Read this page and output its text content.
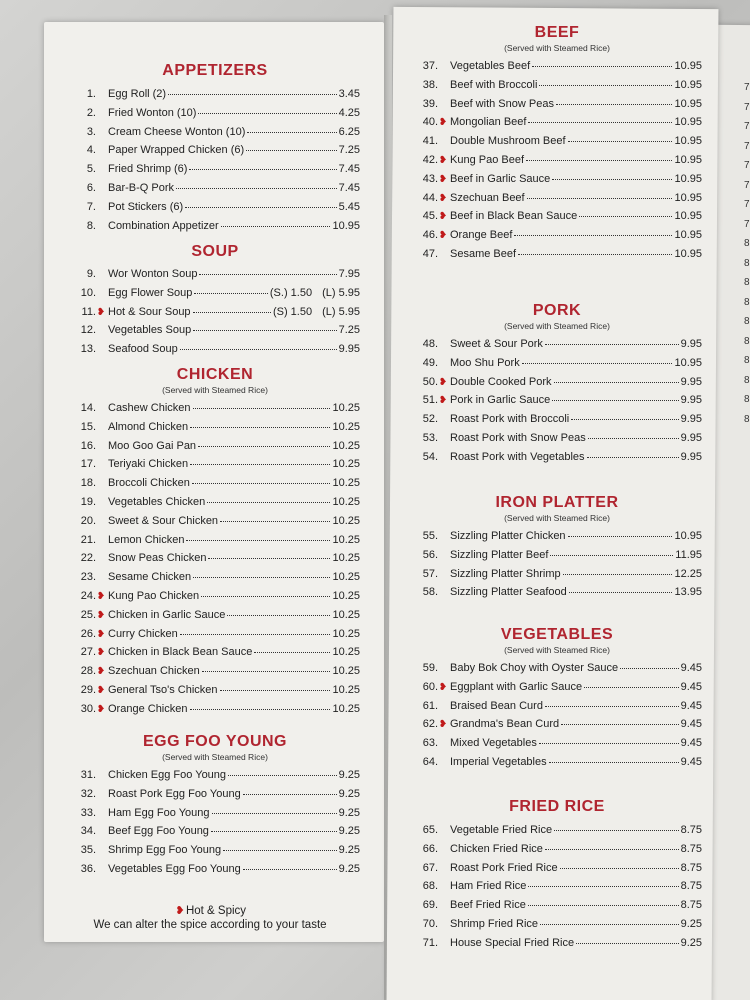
APPETIZERS
1. Egg Roll (2)	3.45
2. Fried Wonton (10)	4.25
3. Cream Cheese Wonton (10)	6.25
4. Paper Wrapped Chicken (6)	7.25
5. Fried Shrimp (6)	7.45
6. Bar-B-Q Pork	7.45
7. Pot Stickers (6)	5.45
8. Combination Appetizer	10.95
SOUP
9. Wor Wonton Soup	7.95
10. Egg Flower Soup	(S.) 1.50 (L) 5.95
11. ❥ Hot & Sour Soup	(S) 1.50 (L) 5.95
12. Vegetables Soup	7.25
13. Seafood Soup	9.95
CHICKEN
(Served with Steamed Rice)
14. Cashew Chicken	10.25
15. Almond Chicken	10.25
16. Moo Goo Gai Pan	10.25
17. Teriyaki Chicken	10.25
18. Broccoli Chicken	10.25
19. Vegetables Chicken	10.25
20. Sweet & Sour Chicken	10.25
21. Lemon Chicken	10.25
22. Snow Peas Chicken	10.25
23. Sesame Chicken	10.25
24. ❥ Kung Pao Chicken	10.25
25. ❥ Chicken in Garlic Sauce	10.25
26. ❥ Curry Chicken	10.25
27. ❥ Chicken in Black Bean Sauce	10.25
28. ❥ Szechuan Chicken	10.25
29. ❥ General Tso's Chicken	10.25
30. ❥ Orange Chicken	10.25
EGG FOO YOUNG
(Served with Steamed Rice)
31. Chicken Egg Foo Young	9.25
32. Roast Pork Egg Foo Young	9.25
33. Ham Egg Foo Young	9.25
34. Beef Egg Foo Young	9.25
35. Shrimp Egg Foo Young	9.25
36. Vegetables Egg Foo Young	9.25
❥Hot & Spicy
We can alter the spice according to your taste
BEEF
(Served with Steamed Rice)
37. Vegetables Beef	10.95
38. Beef with Broccoli	10.95
39. Beef with Snow Peas	10.95
40. ❥ Mongolian Beef	10.95
41. Double Mushroom Beef	10.95
42. ❥ Kung Pao Beef	10.95
43. ❥ Beef in Garlic Sauce	10.95
44. ❥ Szechuan Beef	10.95
45. ❥ Beef in Black Bean Sauce	10.95
46. ❥ Orange Beef	10.95
47. Sesame Beef	10.95
PORK
(Served with Steamed Rice)
48. Sweet & Sour Pork	9.95
49. Moo Shu Pork	10.95
50. ❥ Double Cooked Pork	9.95
51. ❥ Pork in Garlic Sauce	9.95
52. Roast Pork with Broccoli	9.95
53. Roast Pork with Snow Peas	9.95
54. Roast Pork with Vegetables	9.95
IRON PLATTER
(Served with Steamed Rice)
55. Sizzling Platter Chicken	10.95
56. Sizzling Platter Beef	11.95
57. Sizzling Platter Shrimp	12.25
58. Sizzling Platter Seafood	13.95
VEGETABLES
(Served with Steamed Rice)
59. Baby Bok Choy with Oyster Sauce	9.45
60. ❥ Eggplant with Garlic Sauce	9.45
61. Braised Bean Curd	9.45
62. ❥ Grandma's Bean Curd	9.45
63. Mixed Vegetables	9.45
64. Imperial Vegetables	9.45
FRIED RICE
65. Vegetable Fried Rice	8.75
66. Chicken Fried Rice	8.75
67. Roast Pork Fried Rice	8.75
68. Ham Fried Rice	8.75
69. Beef Fried Rice	8.75
70. Shrimp Fried Rice	9.25
71. House Special Fried Rice	9.25
7
7
7
7
7
7
7
7
8
8
8
8
8
8
8
8
8
8
